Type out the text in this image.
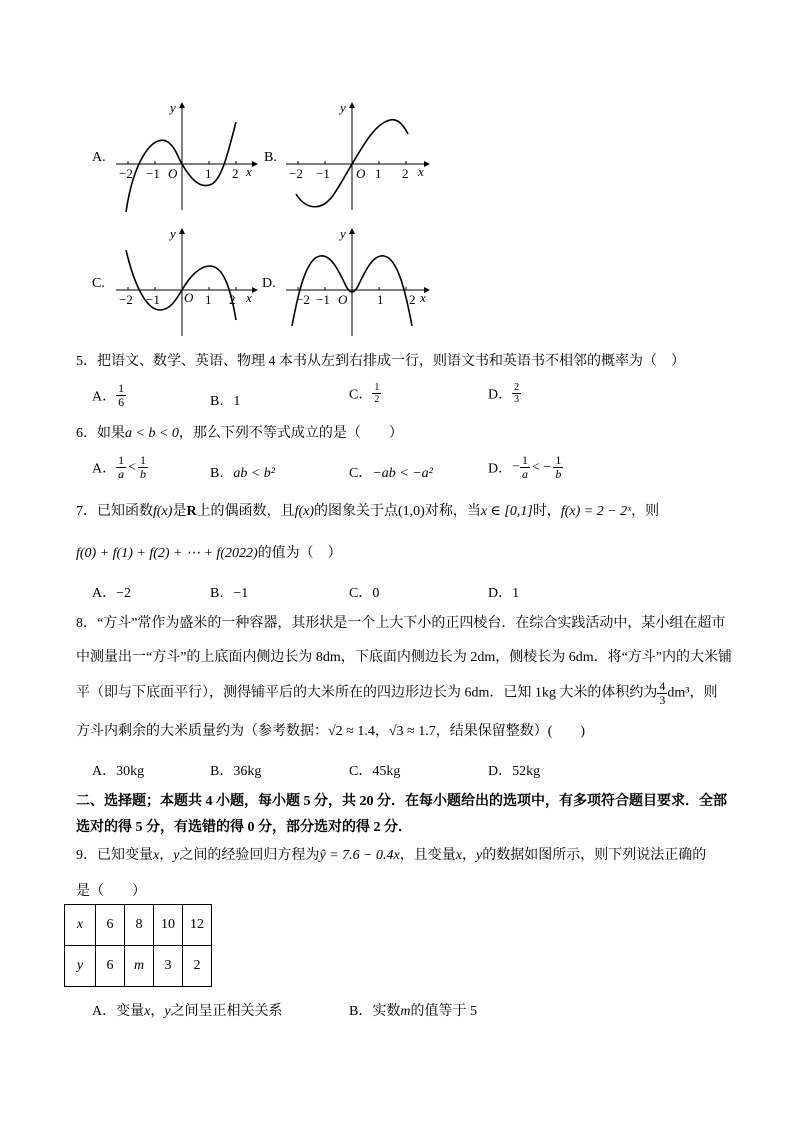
A.
−2 −1 O 1 2 x
y
B.
−2 −1 O 1 2 x
y
C.
−2 −1 O 1 2 x
y
D.
−2 −1 O 1 2 x
y
5．把语文、数学、英语、物理 4 本书从左到右排成一行，则语文书和英语书不相邻的概率为（　）
A． $\frac{1}{6}$	B．1	C． $\frac{1}{2}$	D． $\frac{2}{3}$
6．如果a < b < 0，那么下列不等式成立的是（　　）
A． $\frac{1}{a} < \frac{1}{b}$	B．ab < b²	C．−ab < −a²	D．− $\frac{1}{a}$ < − $\frac{1}{b}$
7．已知函数f(x)是R上的偶函数，且f(x)的图象关于点(1,0)对称，当x ∈ [0,1]时，f(x) = 2 − 2ˣ，则
f(0) + f(1) + f(2) + ⋯ + f(2022)的值为（　）
A．−2	B．−1	C．0	D．1
8．“方斗”常作为盛米的一种容器，其形状是一个上大下小的正四棱台．在综合实践活动中，某小组在超市
中测量出一“方斗”的上底面内侧边长为 8dm，下底面内侧边长为 2dm，侧棱长为 6dm．将“方斗”内的大米铺
平（即与下底面平行），测得铺平后的大米所在的四边形边长为 6dm．已知 1kg 大米的体积约为 $\frac{4}{3} dm^3$，则
方斗内剩余的大米质量约为（参考数据：√2 ≈ 1.4，√3 ≈ 1.7，结果保留整数）(　　)
A．30kg	B．36kg	C．45kg	D．52kg
二、选择题；本题共 4 小题，每小题 5 分，共 20 分．在每小题给出的选项中，有多项符合题目要求．全部
选对的得 5 分，有选错的得 0 分，部分选对的得 2 分．
9．已知变量x，y之间的经验回归方程为ŷ = 7.6 − 0.4x，且变量x，y的数据如图所示，则下列说法正确的
是（　　）
x	6	8	10	12
y	6	m	3	2
A．变量x，y之间呈正相关关系	B．实数m的值等于 5
